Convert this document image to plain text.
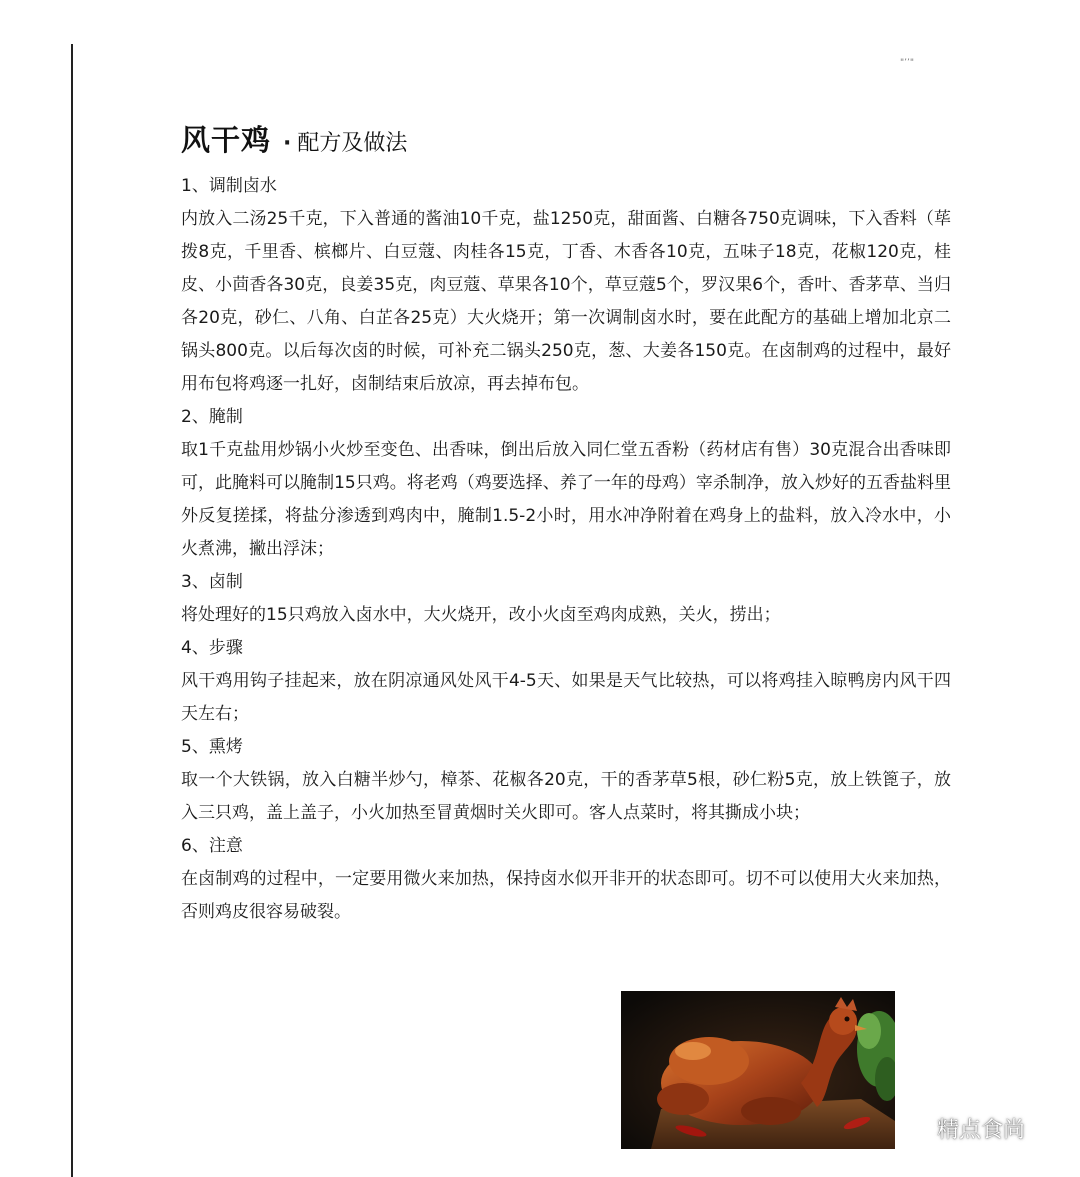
"’’"
风干鸡 · 配方及做法
1、调制卤水
内放入二汤25千克，下入普通的酱油10千克，盐1250克，甜面酱、白糖各750克调味，下入香料（荜拨8克，千里香、槟榔片、白豆蔻、肉桂各15克，丁香、木香各10克，五味子18克，花椒120克，桂皮、小茴香各30克，良姜35克，肉豆蔻、草果各10个，草豆蔻5个，罗汉果6个，香叶、香茅草、当归各20克，砂仁、八角、白芷各25克）大火烧开；第一次调制卤水时，要在此配方的基础上增加北京二锅头800克。以后每次卤的时候，可补充二锅头250克，葱、大姜各150克。在卤制鸡的过程中，最好用布包将鸡逐一扎好，卤制结束后放凉，再去掉布包。
2、腌制
取1千克盐用炒锅小火炒至变色、出香味，倒出后放入同仁堂五香粉（药材店有售）30克混合出香味即可，此腌料可以腌制15只鸡。将老鸡（鸡要选择、养了一年的母鸡）宰杀制净，放入炒好的五香盐料里外反复搓揉，将盐分渗透到鸡肉中，腌制1.5-2小时，用水冲净附着在鸡身上的盐料，放入冷水中，小火煮沸，撇出浮沫；
3、卤制
将处理好的15只鸡放入卤水中，大火烧开，改小火卤至鸡肉成熟，关火，捞出；
4、步骤
风干鸡用钩子挂起来，放在阴凉通风处风干4-5天、如果是天气比较热，可以将鸡挂入晾鸭房内风干四天左右；
5、熏烤
取一个大铁锅，放入白糖半炒勺，樟茶、花椒各20克，干的香茅草5根，砂仁粉5克，放上铁篦子，放入三只鸡，盖上盖子，小火加热至冒黄烟时关火即可。客人点菜时，将其撕成小块；
6、注意
在卤制鸡的过程中，一定要用微火来加热，保持卤水似开非开的状态即可。切不可以使用大火来加热，否则鸡皮很容易破裂。
精点食尚
